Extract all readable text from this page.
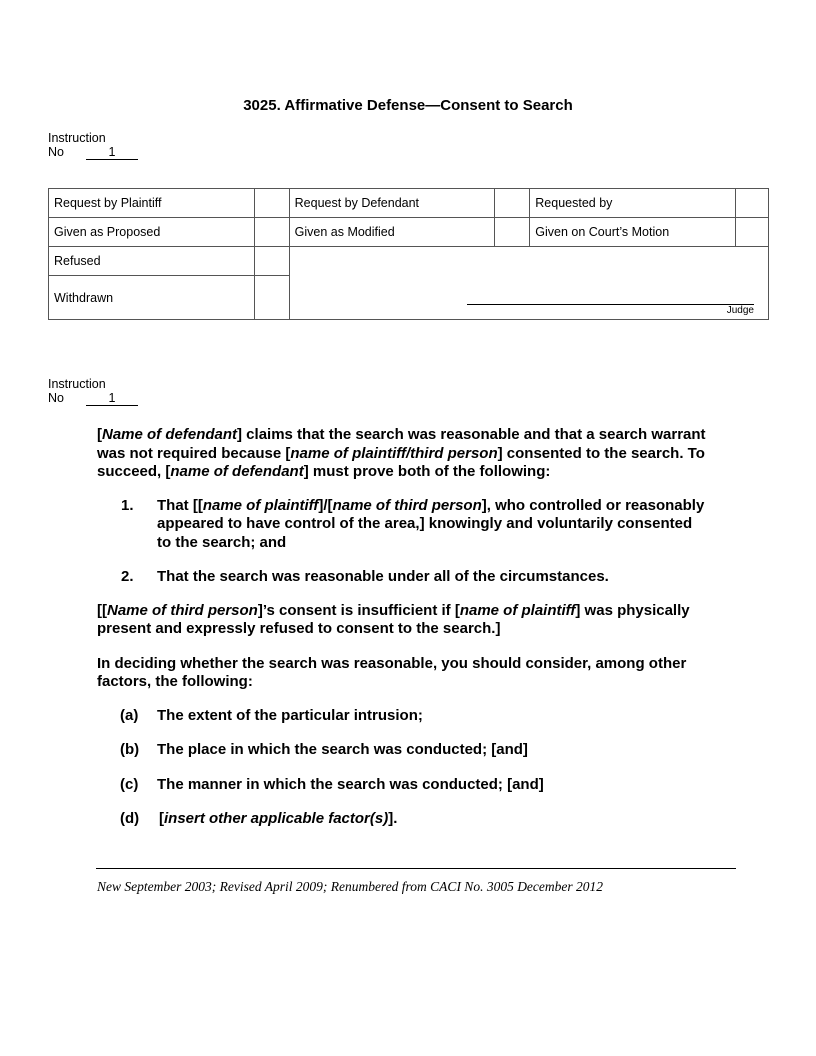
3025. Affirmative Defense—Consent to Search
Instruction
No	1
Request by Plaintiff		Request by Defendant		Requested by	
Given as Proposed		Given as Modified		Given on Court’s Motion	
Refused		Judge			

Withdrawn					
Instruction
No	1

[Name of defendant] claims that the search was reasonable and that a search warrant was not required because [name of plaintiff/third person] consented to the search. To succeed, [name of defendant] must prove both of the following:

1. That [[name of plaintiff]/[name of third person], who controlled or reasonably appeared to have control of the area,] knowingly and voluntarily consented to the search; and
2. That the search was reasonable under all of the circumstances.

[[Name of third person]’s consent is insufficient if [name of plaintiff] was physically present and expressly refused to consent to the search.]

In deciding whether the search was reasonable, you should consider, among other factors, the following:

(a) The extent of the particular intrusion;
(b) The place in which the search was conducted; [and]
(c) The manner in which the search was conducted; [and]
(d) [insert other applicable factor(s)].
New September 2003; Revised April 2009; Renumbered from CACI No. 3005 December 2012
